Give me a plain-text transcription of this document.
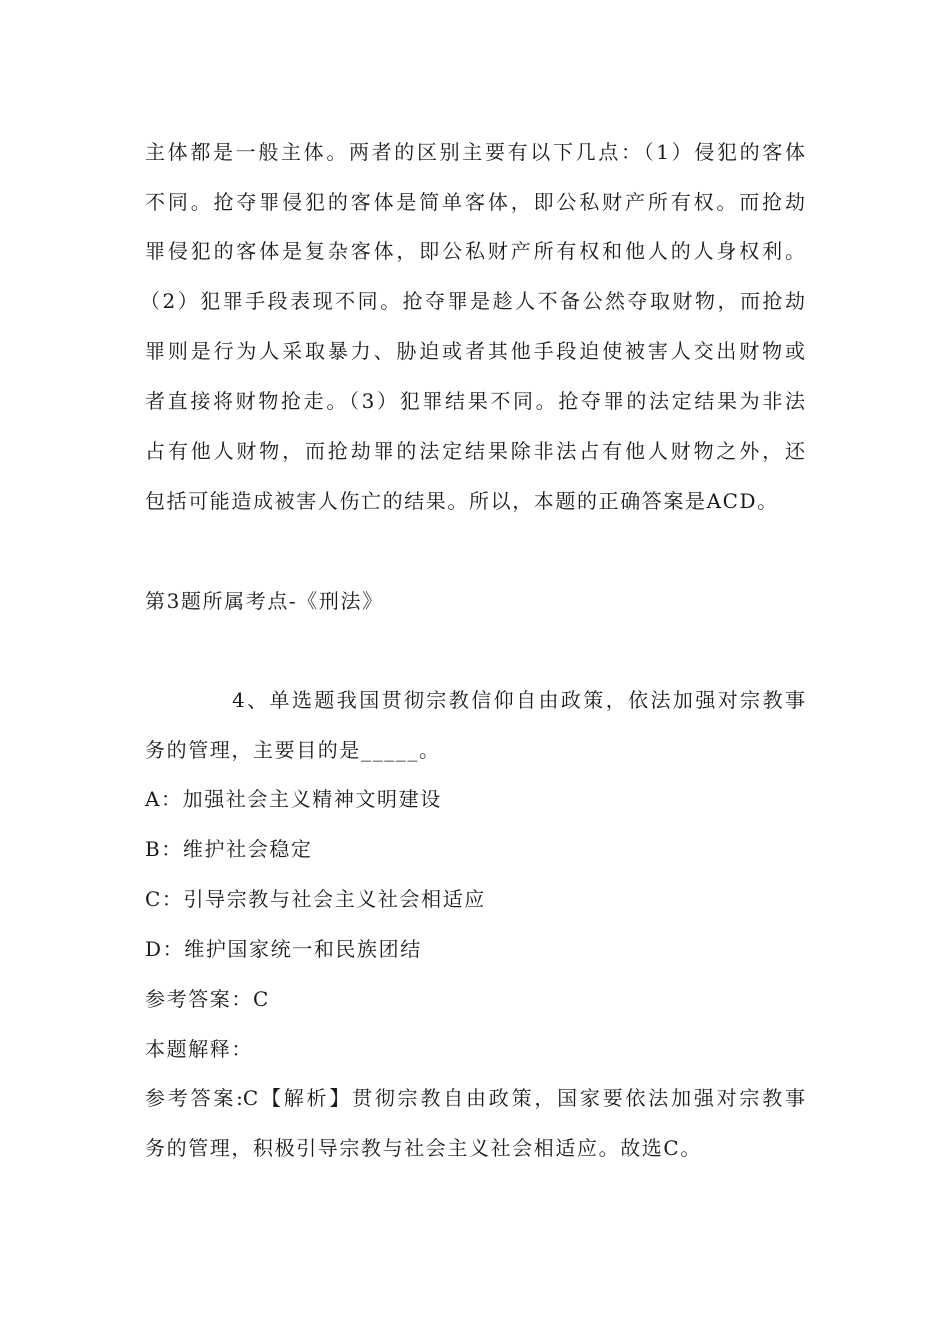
主体都是一般主体。两者的区别主要有以下几点：（1）侵犯的客体
不同。抢夺罪侵犯的客体是简单客体，即公私财产所有权。而抢劫
罪侵犯的客体是复杂客体，即公私财产所有权和他人的人身权利。
（2）犯罪手段表现不同。抢夺罪是趁人不备公然夺取财物，而抢劫
罪则是行为人采取暴力、胁迫或者其他手段迫使被害人交出财物或
者直接将财物抢走。（3）犯罪结果不同。抢夺罪的法定结果为非法
占有他人财物，而抢劫罪的法定结果除非法占有他人财物之外，还
包括可能造成被害人伤亡的结果。所以，本题的正确答案是ACD。
第3题所属考点-《刑法》
4、单选题我国贯彻宗教信仰自由政策，依法加强对宗教事
务的管理，主要目的是_____。
A：加强社会主义精神文明建设
B：维护社会稳定
C：引导宗教与社会主义社会相适应
D：维护国家统一和民族团结
参考答案：C
本题解释：
参考答案:C【解析】贯彻宗教自由政策，国家要依法加强对宗教事
务的管理，积极引导宗教与社会主义社会相适应。故选C。
